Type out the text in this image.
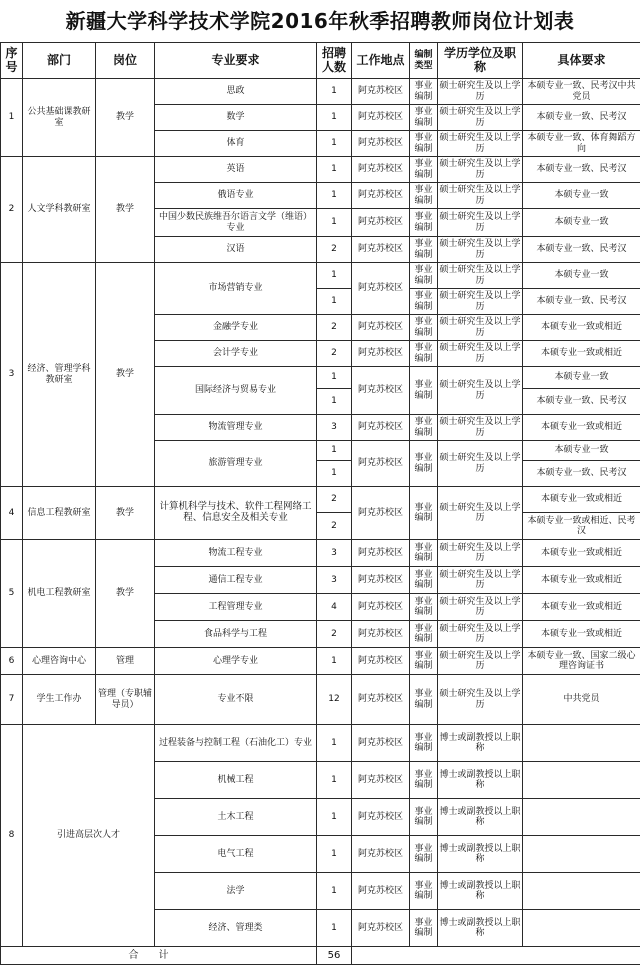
新疆大学科学技术学院2016年秋季招聘教师岗位计划表
序号	部门	岗位	专业要求	招聘人数	工作地点	编制类型	学历学位及职称	具体要求
1	公共基础课教研室	教学	思政	1	阿克苏校区	事业编制	硕士研究生及以上学历	本硕专业一致、民考汉中共党员
			数学	1	阿克苏校区	事业编制	硕士研究生及以上学历	本硕专业一致、民考汉
			体育	1	阿克苏校区	事业编制	硕士研究生及以上学历	本硕专业一致、体育舞蹈方向
2	人文学科教研室	教学	英语	1	阿克苏校区	事业编制	硕士研究生及以上学历	本硕专业一致、民考汉
			俄语专业	1	阿克苏校区	事业编制	硕士研究生及以上学历	本硕专业一致
			中国少数民族维吾尔语言文学（维语）专业	1	阿克苏校区	事业编制	硕士研究生及以上学历	本硕专业一致
			汉语	2	阿克苏校区	事业编制	硕士研究生及以上学历	本硕专业一致、民考汉
3	经济、管理学科教研室	教学	市场营销专业	1	阿克苏校区	事业编制	硕士研究生及以上学历	本硕专业一致
				1		事业编制	硕士研究生及以上学历	本硕专业一致、民考汉
			金融学专业	2	阿克苏校区	事业编制	硕士研究生及以上学历	本硕专业一致或相近
			会计学专业	2	阿克苏校区	事业编制	硕士研究生及以上学历	本硕专业一致或相近
			国际经济与贸易专业	1	阿克苏校区	事业编制	硕士研究生及以上学历	本硕专业一致
				1				本硕专业一致、民考汉
			物流管理专业	3	阿克苏校区	事业编制	硕士研究生及以上学历	本硕专业一致或相近
			旅游管理专业	1	阿克苏校区	事业编制	硕士研究生及以上学历	本硕专业一致
				1				本硕专业一致、民考汉
4	信息工程教研室	教学	计算机科学与技术、软件工程网络工程、信息安全及相关专业	2	阿克苏校区	事业编制	硕士研究生及以上学历	本硕专业一致或相近
				2				本硕专业一致或相近、民考汉
5	机电工程教研室	教学	物流工程专业	3	阿克苏校区	事业编制	硕士研究生及以上学历	本硕专业一致或相近
			通信工程专业	3	阿克苏校区	事业编制	硕士研究生及以上学历	本硕专业一致或相近
			工程管理专业	4	阿克苏校区	事业编制	硕士研究生及以上学历	本硕专业一致或相近
			食品科学与工程	2	阿克苏校区	事业编制	硕士研究生及以上学历	本硕专业一致或相近
6	心理咨询中心	管理	心理学专业	1	阿克苏校区	事业编制	硕士研究生及以上学历	本硕专业一致、国家二级心理咨询证书
7	学生工作办	管理（专职辅导员）	专业不限	12	阿克苏校区	事业编制	硕士研究生及以上学历	中共党员
8	引进高层次人才		过程装备与控制工程（石油化工）专业	1	阿克苏校区	事业编制	博士或副教授以上职称	
			机械工程	1	阿克苏校区	事业编制	博士或副教授以上职称	
			土木工程	1	阿克苏校区	事业编制	博士或副教授以上职称	
			电气工程	1	阿克苏校区	事业编制	博士或副教授以上职称	
			法学	1	阿克苏校区	事业编制	博士或副教授以上职称	
			经济、管理类	1	阿克苏校区	事业编制	博士或副教授以上职称	
合计				56				
